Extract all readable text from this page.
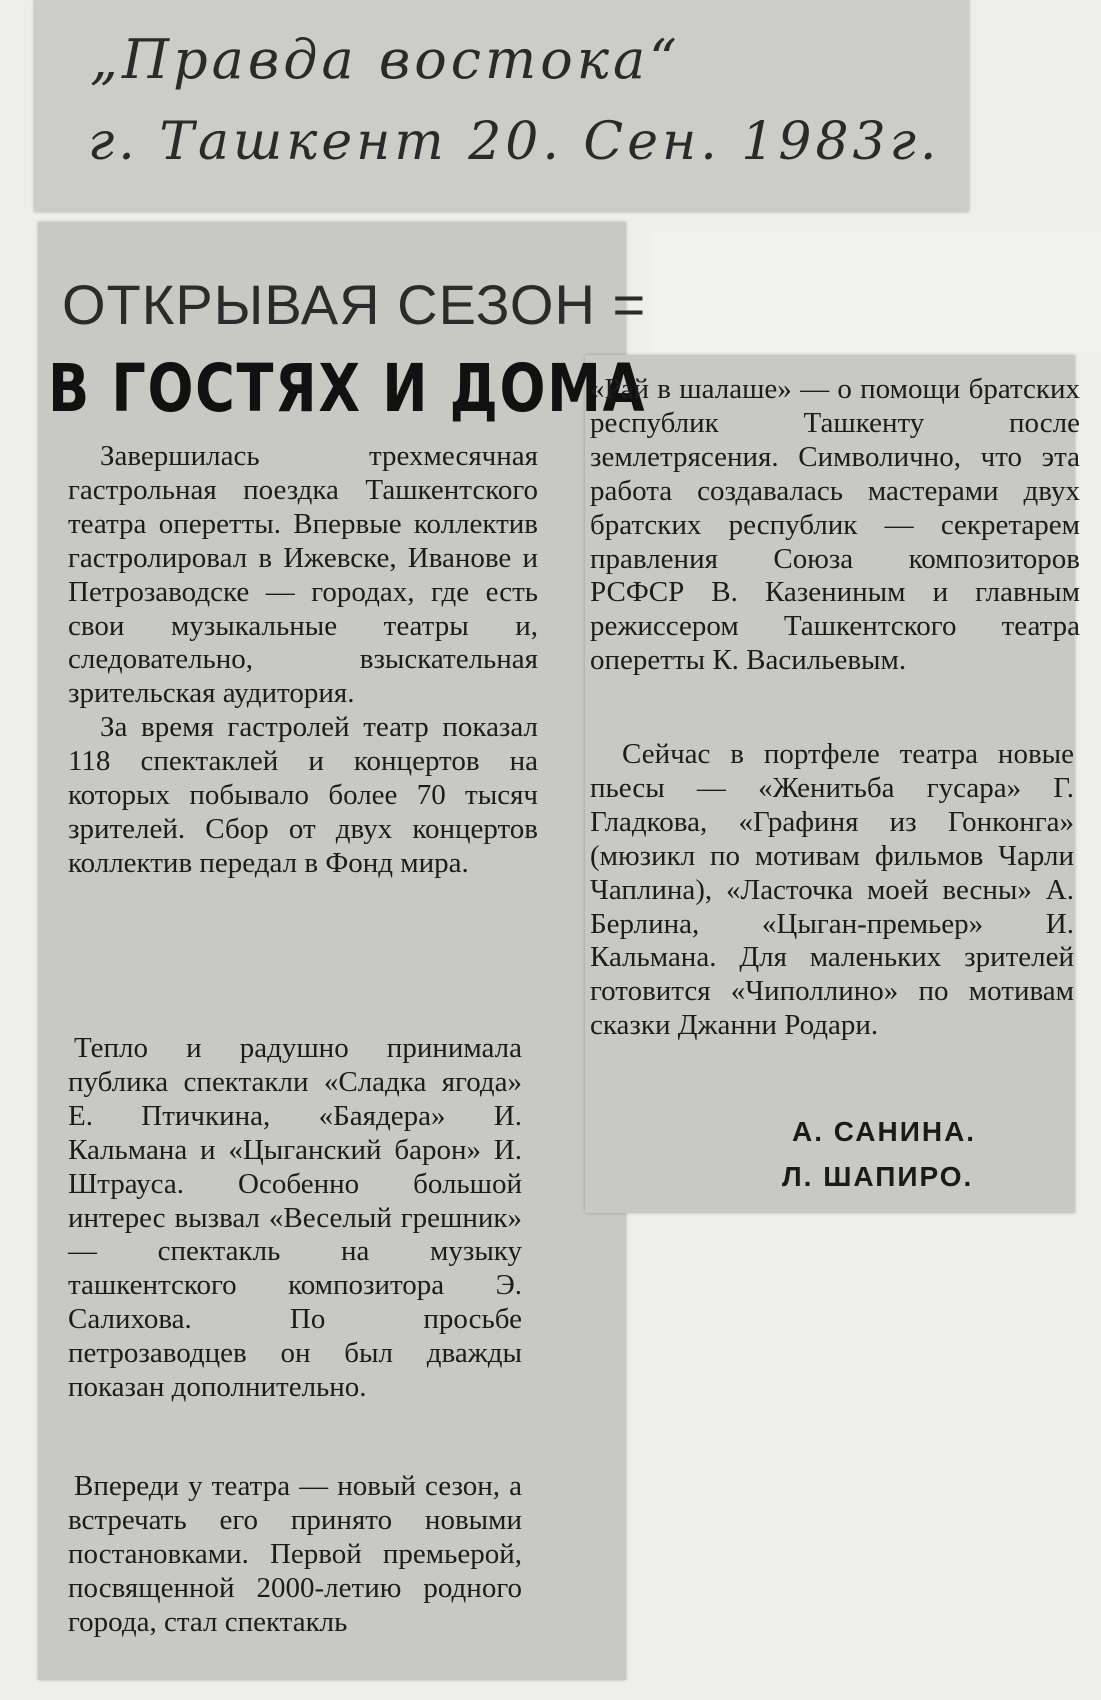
„Правда востока“
г. Ташкент 20. Сен. 1983г.
ОТКРЫВАЯ СЕЗОН =
В ГОСТЯХ И ДОМА

Завершилась трехмесячная гастрольная поездка Ташкентского театра оперетты. Впервые коллектив гастролировал в Ижевске, Иванове и Петрозаводске — городах, где есть свои музыкальные театры и, следовательно, взыскательная зрительская аудитория.

За время гастролей театр показал 118 спектаклей и концертов на которых побывало более 70 тысяч зрителей. Сбор от двух концертов коллектив передал в Фонд мира.

Тепло и радушно принимала публика спектакли «Сладка ягода» Е. Птичкина, «Баядера» И. Кальмана и «Цыганский барон» И. Штрауса. Особенно большой интерес вызвал «Веселый грешник» — спектакль на музыку ташкентского композитора Э. Салихова. По просьбе петрозаводцев он был дважды показан дополнительно.

Впереди у театра — новый сезон, а встречать его принято новыми постановками. Первой премьерой, посвященной 2000-летию родного города, стал спектакль

«Рай в шалаше» — о помощи братских республик Ташкенту после землетрясения. Символично, что эта работа создавалась мастерами двух братских республик — секретарем правления Союза композиторов РСФСР В. Казениным и главным режиссером Ташкентского театра оперетты К. Васильевым.

Сейчас в портфеле театра новые пьесы — «Женитьба гусара» Г. Гладкова, «Графиня из Гонконга» (мюзикл по мотивам фильмов Чарли Чаплина), «Ласточка моей весны» А. Берлина, «Цыган-премьер» И. Кальмана. Для маленьких зрителей готовится «Чиполлино» по мотивам сказки Джанни Родари.

А. САНИНА.
Л. ШАПИРО.
